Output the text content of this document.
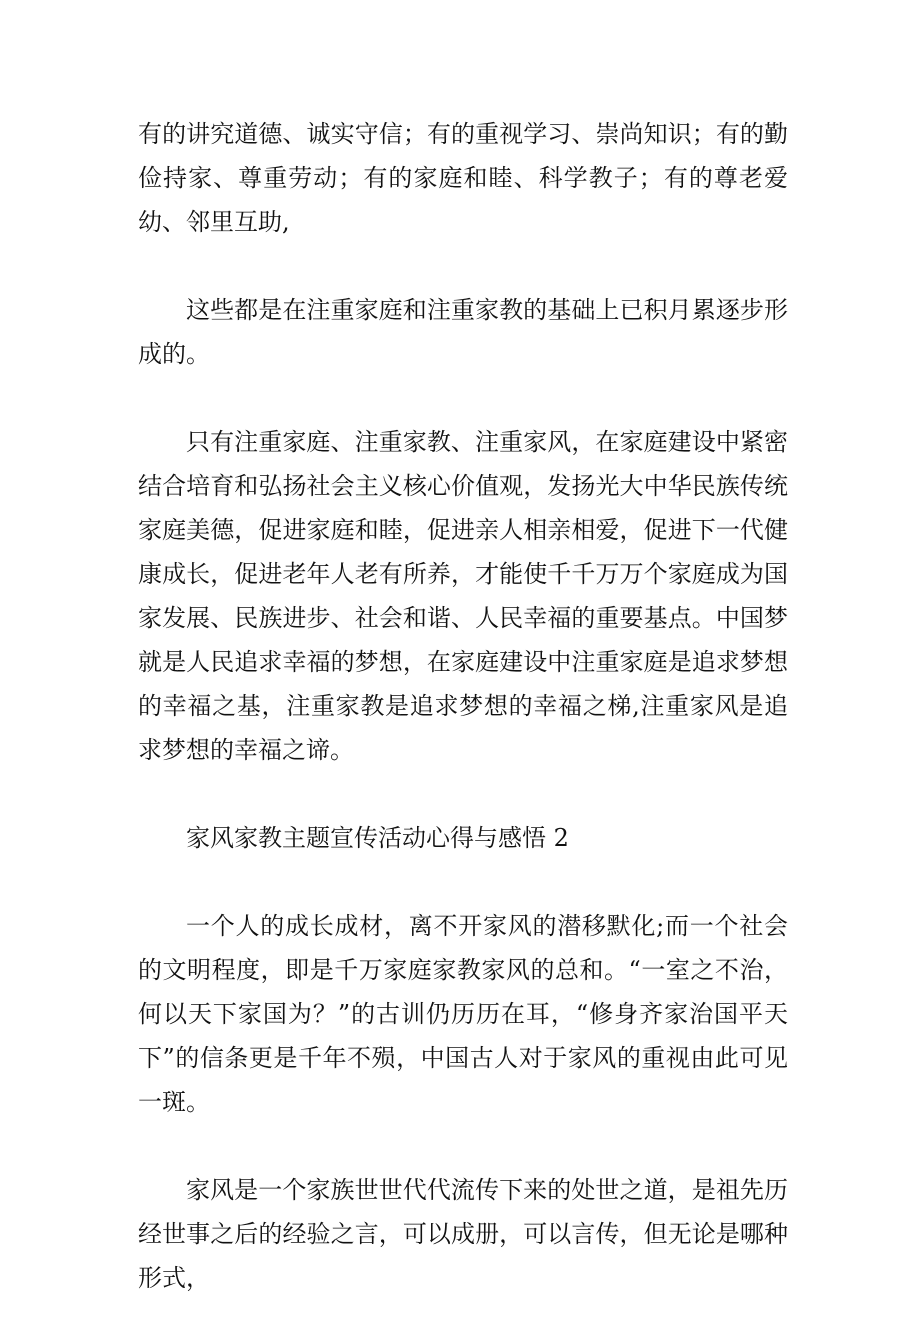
有的讲究道德、诚实守信；有的重视学习、崇尚知识；有的勤俭持家、尊重劳动；有的家庭和睦、科学教子；有的尊老爱幼、邻里互助,

这些都是在注重家庭和注重家教的基础上已积月累逐步形成的。

只有注重家庭、注重家教、注重家风，在家庭建设中紧密结合培育和弘扬社会主义核心价值观，发扬光大中华民族传统家庭美德，促进家庭和睦，促进亲人相亲相爱，促进下一代健康成长，促进老年人老有所养，才能使千千万万个家庭成为国家发展、民族进步、社会和谐、人民幸福的重要基点。中国梦就是人民追求幸福的梦想，在家庭建设中注重家庭是追求梦想的幸福之基，注重家教是追求梦想的幸福之梯,注重家风是追求梦想的幸福之谛。

家风家教主题宣传活动心得与感悟 2

一个人的成长成材，离不开家风的潜移默化;而一个社会的文明程度，即是千万家庭家教家风的总和。“一室之不治，何以天下家国为？”的古训仍历历在耳，“修身齐家治国平天下”的信条更是千年不殒，中国古人对于家风的重视由此可见一斑。

家风是一个家族世世代代流传下来的处世之道，是祖先历经世事之后的经验之言，可以成册，可以言传，但无论是哪种形式，
